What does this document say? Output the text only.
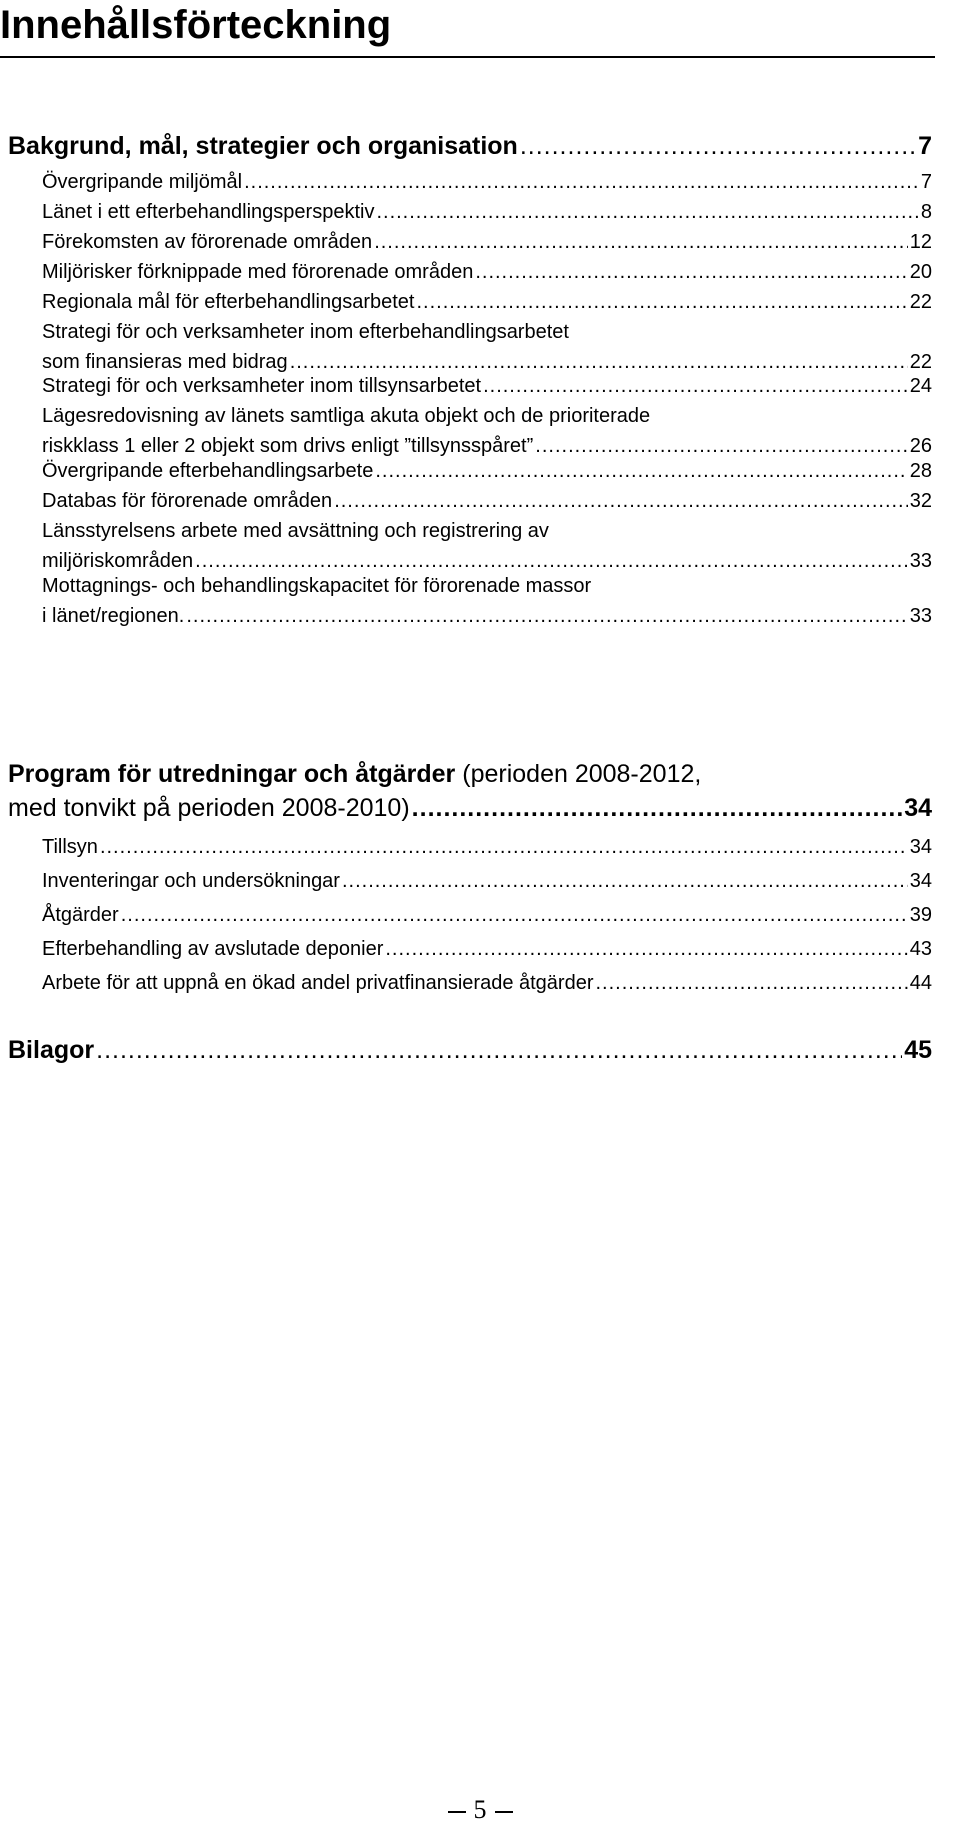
Innehållsförteckning
Bakgrund, mål, strategier och organisation .....	7
Övergripande miljömål .....	7
Länet i ett efterbehandlingsperspektiv .....	8
Förekomsten av förorenade områden .....	12
Miljörisker förknippade med förorenade områden .....	20
Regionala mål för efterbehandlingsarbetet .....	22
Strategi för och verksamheter inom efterbehandlingsarbetet
som finansieras med bidrag .....	22
Strategi för och verksamheter inom tillsynsarbetet .....	24
Lägesredovisning av länets samtliga akuta objekt och de prioriterade
riskklass 1 eller 2 objekt som drivs enligt ”tillsynsspåret” .....	26
Övergripande efterbehandlingsarbete .....	28
Databas för förorenade områden .....	32
Länsstyrelsens arbete med avsättning och registrering av
miljöriskområden .....	33
Mottagnings- och behandlingskapacitet för förorenade massor
i länet/regionen. .....	33
Program för utredningar och åtgärder (perioden 2008-2012,
med tonvikt på perioden 2008-2010) .....	34
Tillsyn .....	34
Inventeringar och undersökningar .....	34
Åtgärder .....	39
Efterbehandling av avslutade deponier .....	43
Arbete för att uppnå en ökad andel privatfinansierade åtgärder .....	44
Bilagor .....	45
5
